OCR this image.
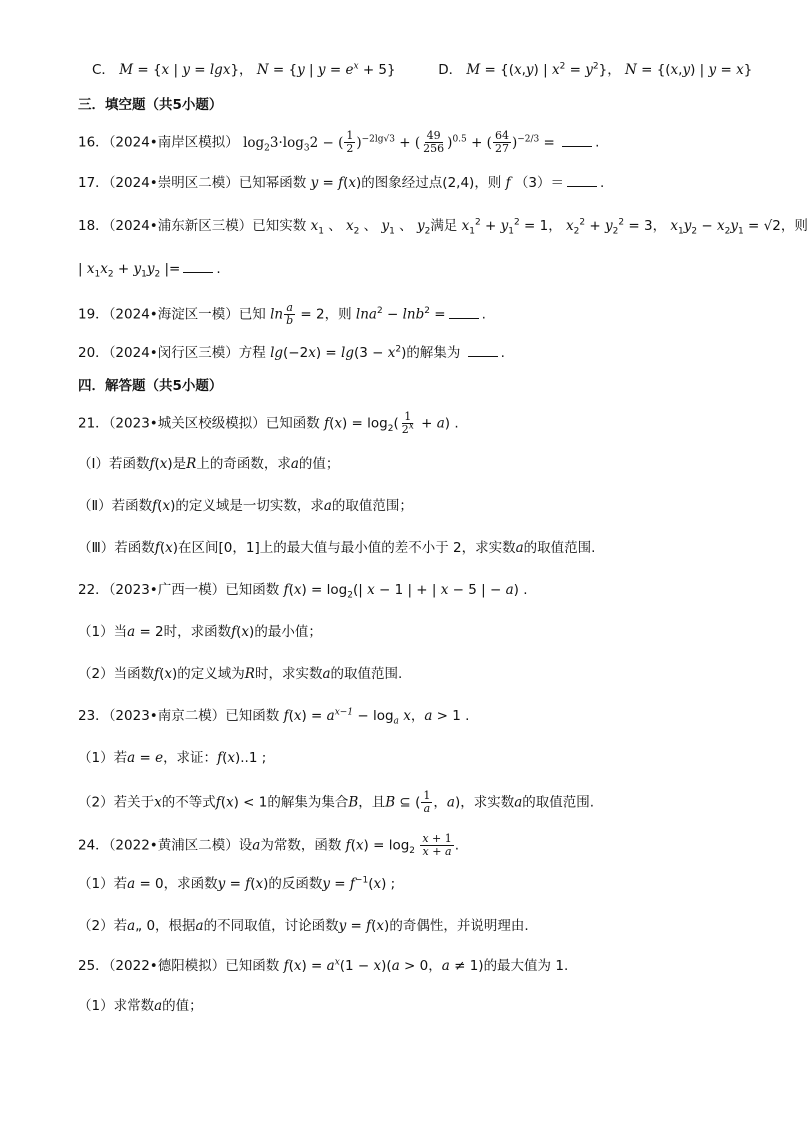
C． M = {x | y = lgx}， N = {y | $y = e^x + 5$}	D． M = {(x,y) | $x^2 = y^2$}， N = {(x,y) | y = x}
三．填空题（共5小题）
16．（2024•南岸区模拟） $\log_23\cdot\log_32$ − ( $\frac{1}{2} )^{-2lg√3}$ + ( $\frac{49}{256} )^{0.5}$ + ( $\frac{64}{27} )^{-2/3}$ =	.
17．（2024•崇明区二模）已知幂函数 y = f(x)的图象经过点(2,4)，则 f （3）＝	.
18．（2024•浦东新区三模）已知实数 $x_1$ 、 $x_2$ 、 $y_1$ 、 $y_2$满足 $x_1^2 + y_1^2 = 1$， $x_2^2 + y_2^2 = 3$， $x_1y_2 - x_2y_1 = √2$，则
| $x_1x_2 + y_1y_2$ |=	.
19．（2024•海淀区一模）已知 $\ln \frac{a}{b} = 2$，则 lna$^2$ − lnb$^2$ =	.
20．（2024•闵行区三模）方程 $\lg(-2x) = \lg(3 - x^2)$的解集为	.
四．解答题（共5小题）
21．（2023•城关区校级模拟）已知函数 $f(x) = \log_2( \frac{1}{2^x} + a)$ .
（Ⅰ）若函数f(x)是R上的奇函数，求a的值；
（Ⅱ）若函数f(x)的定义域是一切实数，求a的取值范围；
（Ⅲ）若函数f(x)在区间[0，1]上的最大值与最小值的差不小于 2，求实数a的取值范围.
22．（2023•广西一模）已知函数 $f(x) = \log_2(|$ x − 1 | + | x − 5 | − a) .
（1）当a = 2时，求函数f(x)的最小值；
（2）当函数f(x)的定义域为R时，求实数a的取值范围.
23．（2023•南京二模）已知函数 $f(x) = a^{x-1} - \log_a x$，a > 1 .
（1）若a = e，求证：f(x)..1 ;
（2）若关于x的不等式f(x) < 1的解集为集合B，且B ⊆ ( $\frac{1}{a}$ ，a)，求实数a的取值范围.
24．（2022•黄浦区二模）设a为常数，函数 $f(x) = \log_2 \frac{x + 1}{x + a}$ .
（1）若a = 0，求函数y = f(x)的反函数$y = f^{-1}(x)$ ;
（2）若a„ 0，根据a的不同取值，讨论函数y = f(x)的奇偶性，并说明理由.
25．（2022•德阳模拟）已知函数 $f(x) = a^x(1 - x)(a > 0$，a ≠ 1)的最大值为 1.
（1）求常数a的值；
